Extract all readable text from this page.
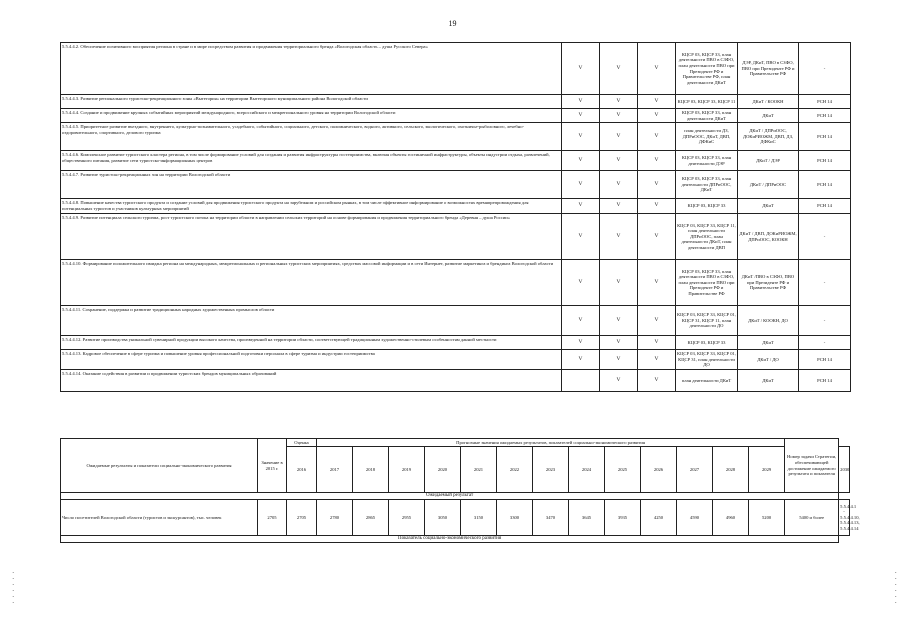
19
5.5.4.4.2. Обеспечение позитивного восприятия региона в стране и в мире посредством развития и продвижения территориального бренда «Вологодская область – душа Русского Севера»	V	V	V	КЦСР 03, КЦСР 33, план деятельности ПВО в СЗФО, план деятельности ПВО при Президенте РФ и Правительстве РФ, план деятельности ДКиТ	ДЭР, ДКиТ, ПВО в СЗФО, ПВО при Президенте РФ и Правительстве РФ	-
5.5.4.4.3. Развитие регионального туристско-рекреационного зоны «Вытегория» на территории Вытегорского муниципального района Вологодской области	V	V	V	КЦСР 03, КЦСР 33, КЦСР 11	ДКиТ / КООКН	РСН 14
5.5.4.4.4. Создание и продвижение крупных событийных мероприятий международного, всероссийского и межрегионального уровня на территории Вологодской области	V	V	V	КЦСР 03, КЦСР 33, план деятельности ДКиТ	ДКиТ	РСН 14
5.5.4.4.5. Приоритетное развитие въездного, внутреннего, культурно-познавательного, усадебного, событийного, социального, детского, паломнического, водного, активного, сельского, экологического, охотничье-рыболовного, лечебно-оздоровительного, спортивного, делового туризма	V	V	V	план деятельности ДЗ, ДПРиООС, ДКиТ, ДВП, ДФКиС	ДКиТ / ДПРиООС, ДОКиРИОЖМ, ДВП, ДЗ, ДФКиС	РСН 14
5.5.4.4.6. Комплексное развитие туристского кластера региона, в том числе формирование условий для создания и развития инфраструктуры гостеприимства, включая объекты гостиничной инфраструктуры, объекты индустрии отдыха, развлечений, общественного питания, развитие сети туристско-информационных центров	V	V	V	КЦСР 03, КЦСР 33, план деятельности ДЭР	ДКиТ / ДЭР	РСН 14
5.5.4.4.7. Развитие туристско-рекреационных зон на территории Вологодской области	V	V	V	КЦСР 03, КЦСР 33, план деятельности ДПРиООС, ДКиТ	ДКиТ / ДПРиООС	РСН 14
5.5.4.4.8. Повышение качества туристского продукта и создание условий для продвижения туристского продукта на зарубежном и российском рынках, в том числе эффективное информирование о возможностях времяпрепровождения для потенциальных туристов и участников культурных мероприятий	V	V	V	КЦСР 03, КЦСР 33	ДКиТ	РСН 14
5.5.4.4.9. Развитие потенциала сельского туризма, рост туристского потока на территории области в направлении сельских территорий на основе формирования и продвижения территориального бренда «Деревня – душа России»	V	V	V	КЦСР 03, КЦСР 33, КЦСР 11, план деятельности ДПРиООС, план деятельности ДКиТ, план деятельности ДВП	ДКиТ / ДВП, ДОКиРИОЖМ, ДПРиООС, КООКН	-
5.5.4.4.10. Формирование положительного имиджа региона на международных, межрегиональных и региональных туристских мероприятиях, средствах массовой информации и в сети Интернет, развитие маркетинга и брендинга Вологодской области	V	V	V	КЦСР 03, КЦСР 33, план деятельности ПВО в СЗФО, план деятельности ПВО при Президенте РФ и Правительстве РФ	ДКиТ /ПВО в СЗФО, ПВО при Президенте РФ и Правительстве РФ	-
5.5.4.4.11. Сохранение, поддержка и развитие традиционных народных художественных промыслов области	V	V	V	КЦСР 03, КЦСР 33, КЦСР 01, КЦСР 31, КЦСР 11, план деятельности ДО	ДКиТ / КООКН, ДО	-
5.5.4.4.12. Развитие производства уникальной сувенирной продукции высокого качества, произведенной на территории области, соответствующей традиционным художественно-стилевым особенностям данной местности	V	V	V	КЦСР 03, КЦСР 33	ДКиТ	-
5.5.4.4.13. Кадровое обеспечение в сфере туризма и повышение уровня профессиональной подготовки персонала в сфере туризма и индустрии гостеприимства	V	V	V	КЦСР 03, КЦСР 33, КЦСР 01, КЦСР 31, план деятельности ДО	ДКиТ / ДО	РСН 14
5.5.4.4.14. Оказание содействия в развитии и продвижении туристских брендов муниципальных образований		V	V	план деятельности ДКиТ	ДКиТ	РСН 14
Ожидаемые результаты и показатели социально-экономического развития	Значение в 2015 г.	Оценка	Прогнозные значения ожидаемых результатов, показателей социально-экономического развития													Номер задачи Стратегии, обеспечивающей достижение ожидаемого результата и показателя	
		2016	2017	2018	2019	2020	2021	2022	2023	2024	2025	2026	2027	2028	2029		2030
Ожидаемый результат																	
Число посетителей Вологодской области (туристов и экскурсантов), тыс. человек	2705	2705	2780	2865	2955	3050	3150	3300	3470	3645	3935	4250	4590	4960	5200	5400 и более	5.5.4.4.1 - 5.5.4.4.10, 5.5.4.4.13, 5.5.4.4.14
Показатель социально-экономического развития																	
·
·
·
·
·
·
·
·
·
·
·
·
